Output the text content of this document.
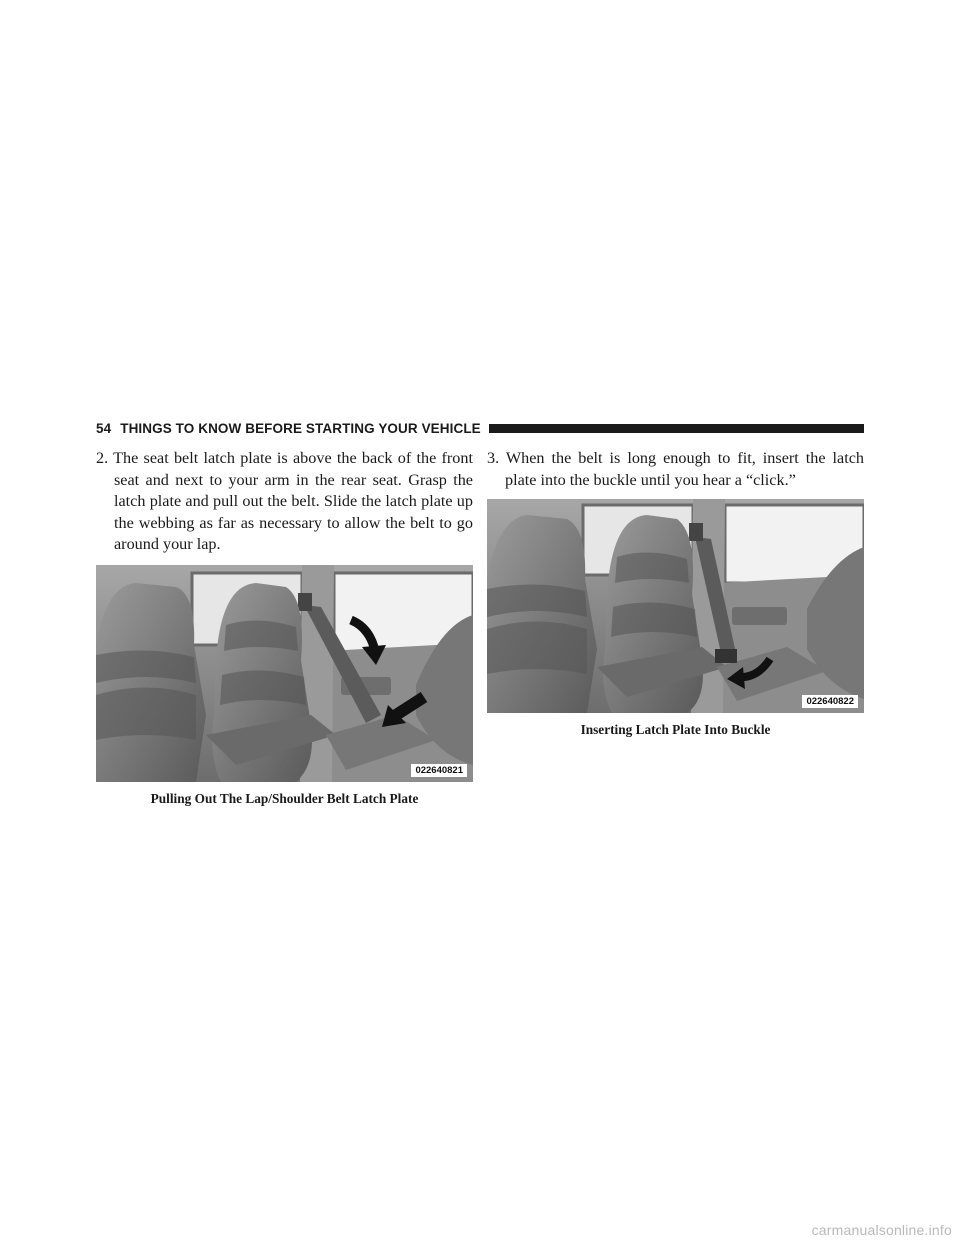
54 THINGS TO KNOW BEFORE STARTING YOUR VEHICLE

2. The seat belt latch plate is above the back of the front seat and next to your arm in the rear seat. Grasp the latch plate and pull out the belt. Slide the latch plate up the webbing as far as necessary to allow the belt to go around your lap.

022640821
Pulling Out The Lap/Shoulder Belt Latch Plate

3. When the belt is long enough to fit, insert the latch plate into the buckle until you hear a “click.”

022640822
Inserting Latch Plate Into Buckle
carmanualsonline.info
